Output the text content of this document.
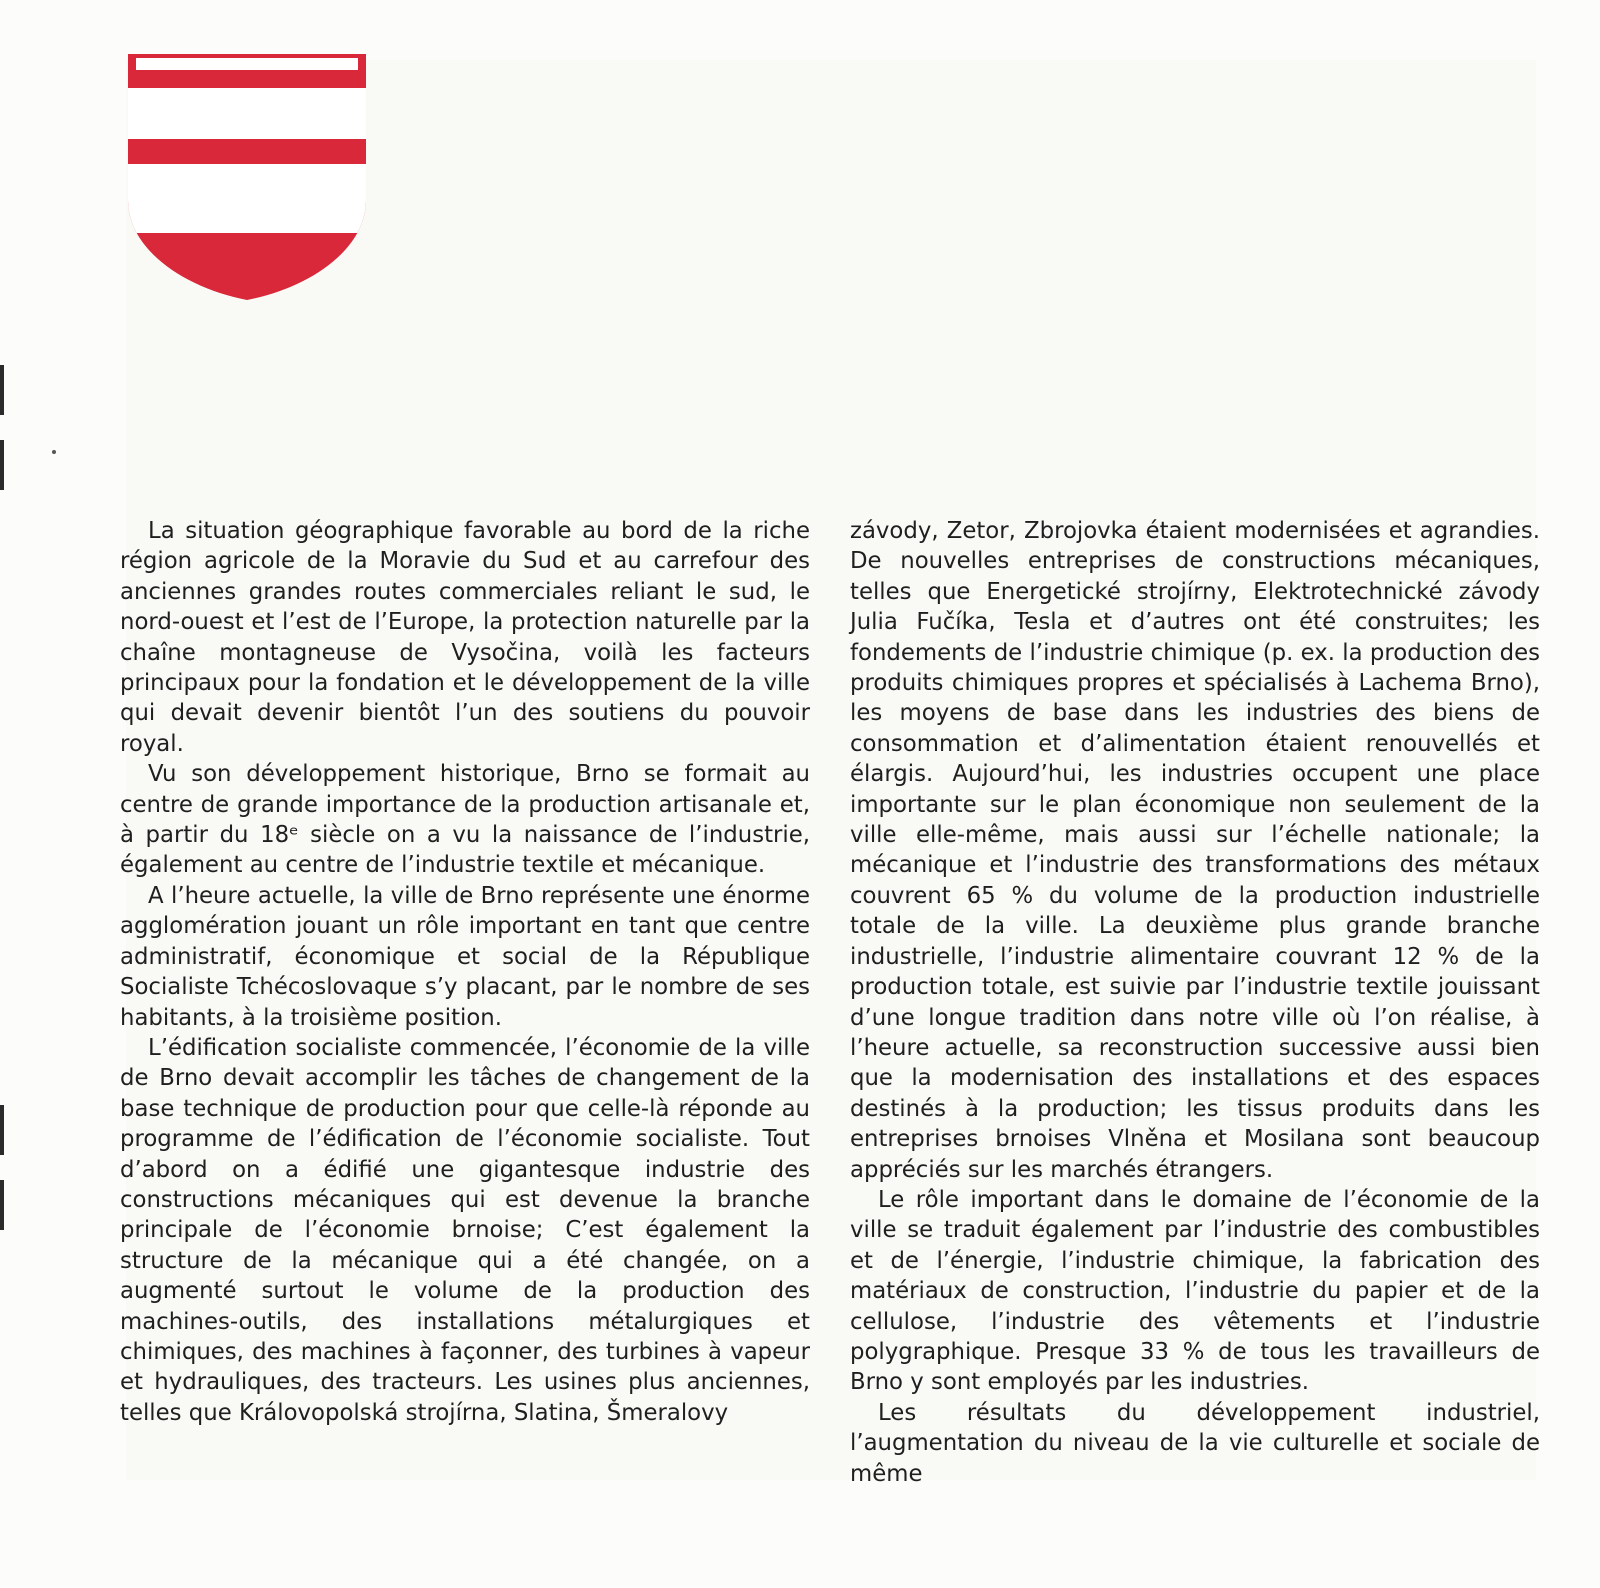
La situation géographique favorable au bord de la riche région agricole de la Moravie du Sud et au carrefour des anciennes grandes routes commerciales reliant le sud, le nord-ouest et l’est de l’Europe, la protection naturelle par la chaîne montagneuse de Vysočina, voilà les facteurs principaux pour la fondation et le développement de la ville qui devait devenir bientôt l’un des soutiens du pouvoir royal.

Vu son développement historique, Brno se formait au centre de grande importance de la production artisanale et, à partir du 18ᵉ siècle on a vu la naissance de l’industrie, également au centre de l’industrie textile et mécanique.

A l’heure actuelle, la ville de Brno représente une énorme agglomération jouant un rôle important en tant que centre administratif, économique et social de la République Socialiste Tchécoslovaque s’y placant, par le nombre de ses habitants, à la troisième position.

L’édification socialiste commencée, l’économie de la ville de Brno devait accomplir les tâches de changement de la base technique de production pour que celle-là réponde au programme de l’édification de l’économie socialiste. Tout d’abord on a édifié une gigantesque industrie des constructions mécaniques qui est devenue la branche principale de l’économie brnoise; C’est également la structure de la mécanique qui a été changée, on a augmenté surtout le volume de la production des machines-outils, des installations métalurgiques et chimiques, des machines à façonner, des turbines à vapeur et hydrauliques, des tracteurs. Les usines plus anciennes, telles que Královopolská strojírna, Slatina, Šmeralovy

závody, Zetor, Zbrojovka étaient modernisées et agrandies. De nouvelles entreprises de constructions mécaniques, telles que Energetické strojírny, Elektrotechnické závody Julia Fučíka, Tesla et d’autres ont été construites; les fondements de l’industrie chimique (p. ex. la production des produits chimiques propres et spécialisés à Lachema Brno), les moyens de base dans les industries des biens de consommation et d’alimentation étaient renouvellés et élargis. Aujourd’hui, les industries occupent une place importante sur le plan économique non seulement de la ville elle-même, mais aussi sur l’échelle nationale; la mécanique et l’industrie des transformations des métaux couvrent 65 % du volume de la production industrielle totale de la ville. La deuxième plus grande branche industrielle, l’industrie alimentaire couvrant 12 % de la production totale, est suivie par l’industrie textile jouissant d’une longue tradition dans notre ville où l’on réalise, à l’heure actuelle, sa reconstruction successive aussi bien que la modernisation des installations et des espaces destinés à la production; les tissus produits dans les entreprises brnoises Vlněna et Mosilana sont beaucoup appréciés sur les marchés étrangers.

Le rôle important dans le domaine de l’économie de la ville se traduit également par l’industrie des combustibles et de l’énergie, l’industrie chimique, la fabrication des matériaux de construction, l’industrie du papier et de la cellulose, l’industrie des vêtements et l’industrie polygraphique. Presque 33 % de tous les travailleurs de Brno y sont employés par les industries.

Les résultats du développement industriel, l’augmentation du niveau de la vie culturelle et sociale de même
